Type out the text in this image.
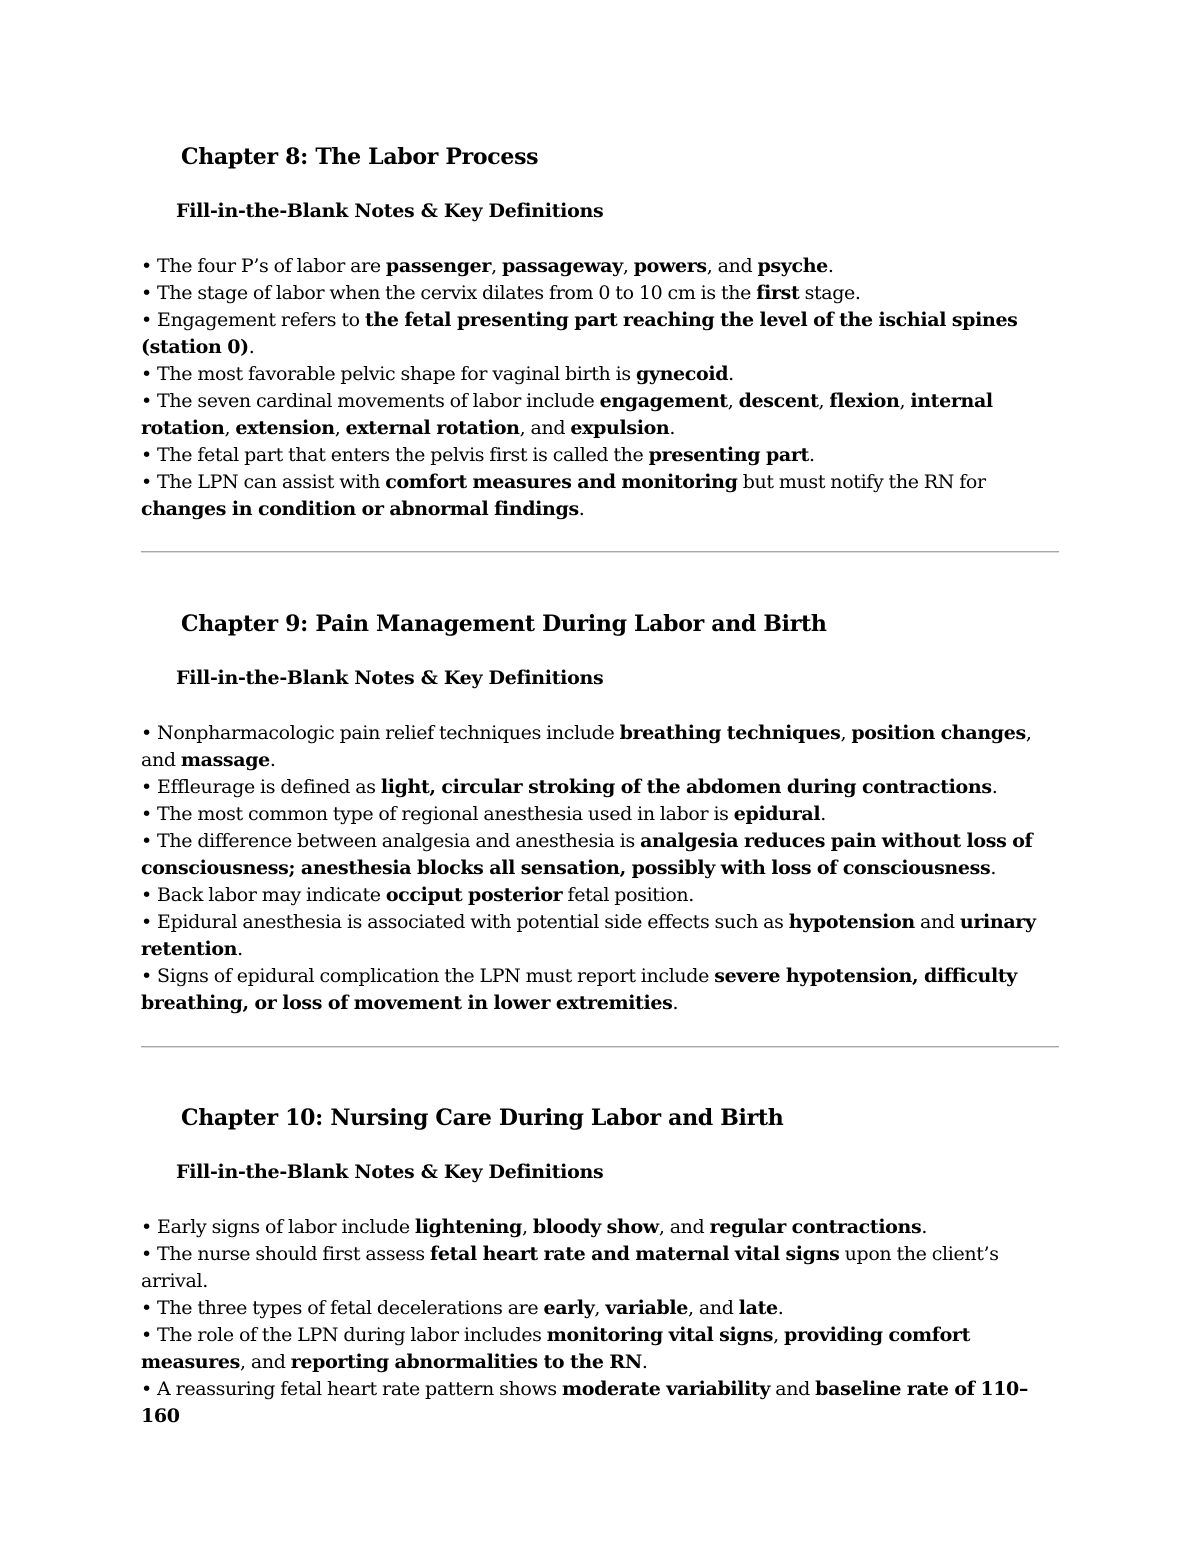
Chapter 8: The Labor Process
Fill-in-the-Blank Notes & Key Definitions
• The four P’s of labor are passenger, passageway, powers, and psyche.
• The stage of labor when the cervix dilates from 0 to 10 cm is the first stage.
• Engagement refers to the fetal presenting part reaching the level of the ischial spines (station 0).
• The most favorable pelvic shape for vaginal birth is gynecoid.
• The seven cardinal movements of labor include engagement, descent, flexion, internal rotation, extension, external rotation, and expulsion.
• The fetal part that enters the pelvis first is called the presenting part.
• The LPN can assist with comfort measures and monitoring but must notify the RN for changes in condition or abnormal findings.
Chapter 9: Pain Management During Labor and Birth
Fill-in-the-Blank Notes & Key Definitions
• Nonpharmacologic pain relief techniques include breathing techniques, position changes, and massage.
• Effleurage is defined as light, circular stroking of the abdomen during contractions.
• The most common type of regional anesthesia used in labor is epidural.
• The difference between analgesia and anesthesia is analgesia reduces pain without loss of consciousness; anesthesia blocks all sensation, possibly with loss of consciousness.
• Back labor may indicate occiput posterior fetal position.
• Epidural anesthesia is associated with potential side effects such as hypotension and urinary retention.
• Signs of epidural complication the LPN must report include severe hypotension, difficulty breathing, or loss of movement in lower extremities.
Chapter 10: Nursing Care During Labor and Birth
Fill-in-the-Blank Notes & Key Definitions
• Early signs of labor include lightening, bloody show, and regular contractions.
• The nurse should first assess fetal heart rate and maternal vital signs upon the client’s arrival.
• The three types of fetal decelerations are early, variable, and late.
• The role of the LPN during labor includes monitoring vital signs, providing comfort measures, and reporting abnormalities to the RN.
• A reassuring fetal heart rate pattern shows moderate variability and baseline rate of 110–160
